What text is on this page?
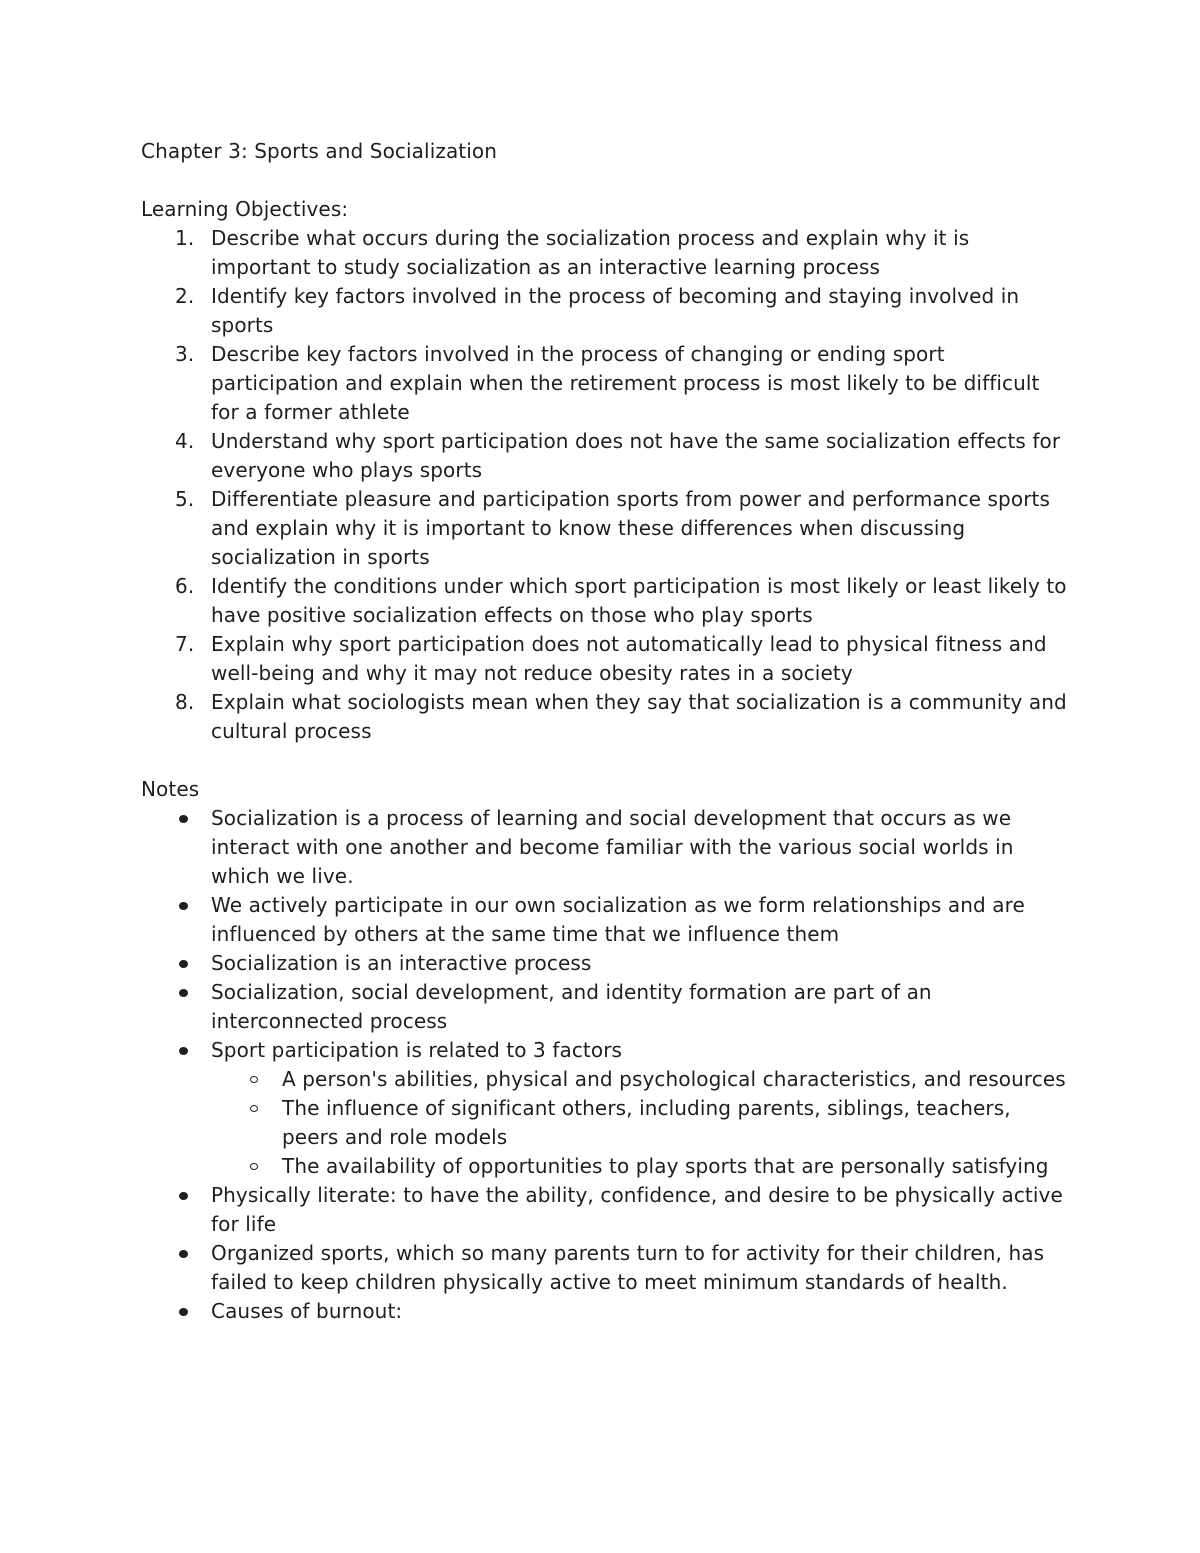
Chapter 3: Sports and Socialization

Learning Objectives:

1. Describe what occurs during the socialization process and explain why it is important to study socialization as an interactive learning process
2. Identify key factors involved in the process of becoming and staying involved in sports
3. Describe key factors involved in the process of changing or ending sport participation and explain when the retirement process is most likely to be difficult for a former athlete
4. Understand why sport participation does not have the same socialization effects for everyone who plays sports
5. Differentiate pleasure and participation sports from power and performance sports and explain why it is important to know these differences when discussing socialization in sports
6. Identify the conditions under which sport participation is most likely or least likely to have positive socialization effects on those who play sports
7. Explain why sport participation does not automatically lead to physical fitness and well-being and why it may not reduce obesity rates in a society
8. Explain what sociologists mean when they say that socialization is a community and cultural process

Notes

Socialization is a process of learning and social development that occurs as we interact with one another and become familiar with the various social worlds in which we live.
We actively participate in our own socialization as we form relationships and are influenced by others at the same time that we influence them
Socialization is an interactive process
Socialization, social development, and identity formation are part of an interconnected process
Sport participation is related to 3 factors
A person's abilities, physical and psychological characteristics, and resources
The influence of significant others, including parents, siblings, teachers, peers and role models
The availability of opportunities to play sports that are personally satisfying
Physically literate: to have the ability, confidence, and desire to be physically active for life
Organized sports, which so many parents turn to for activity for their children, has failed to keep children physically active to meet minimum standards of health.
Causes of burnout:
